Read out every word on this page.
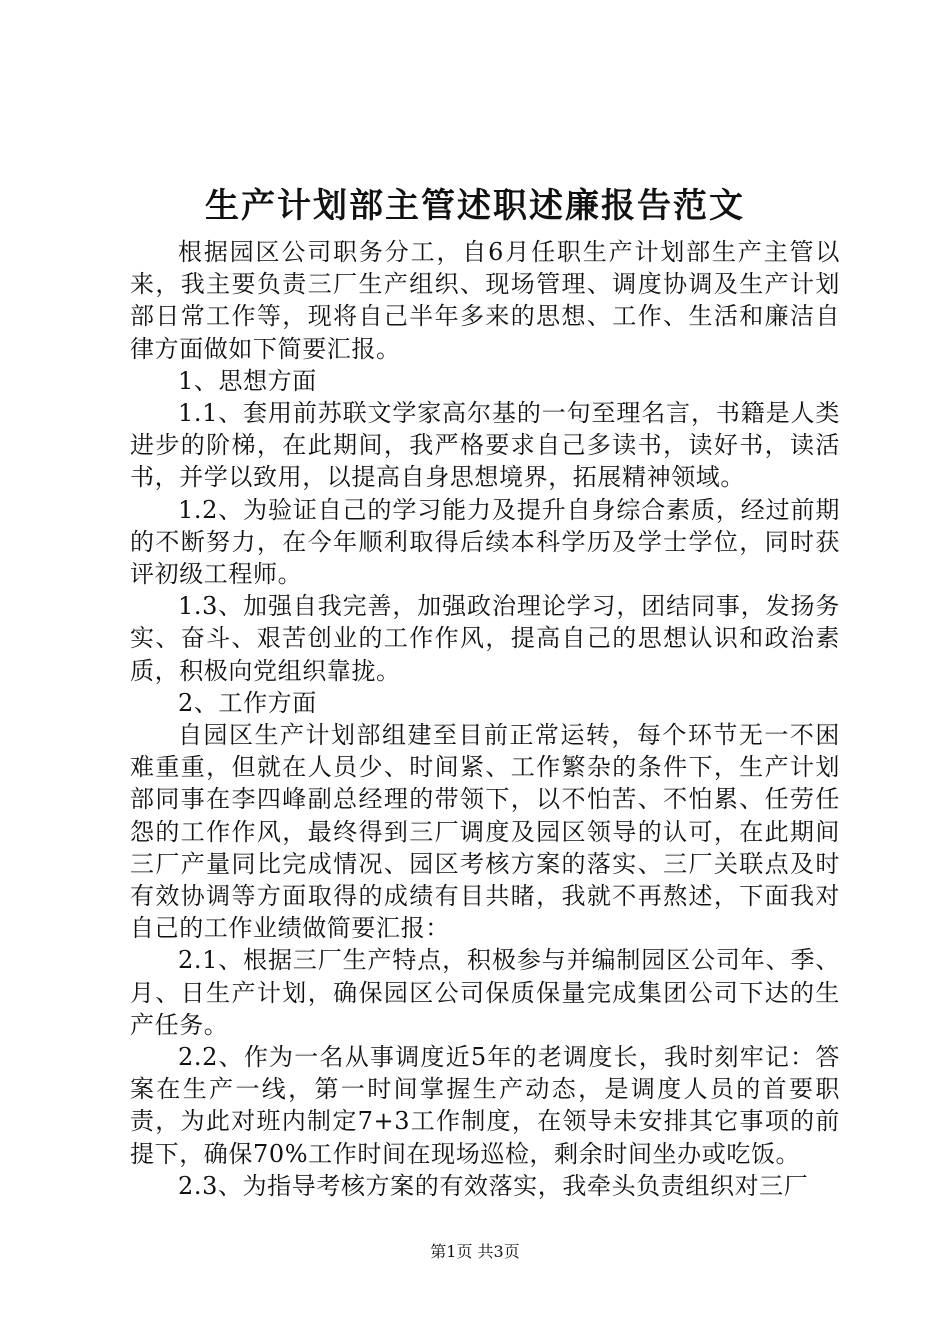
生产计划部主管述职述廉报告范文

根据园区公司职务分工，自6月任职生产计划部生产主管以来，我主要负责三厂生产组织、现场管理、调度协调及生产计划部日常工作等，现将自己半年多来的思想、工作、生活和廉洁自律方面做如下简要汇报。

1、思想方面

1.1、套用前苏联文学家高尔基的一句至理名言，书籍是人类进步的阶梯，在此期间，我严格要求自己多读书，读好书，读活书，并学以致用，以提高自身思想境界，拓展精神领域。

1.2、为验证自己的学习能力及提升自身综合素质，经过前期的不断努力，在今年顺利取得后续本科学历及学士学位，同时获评初级工程师。

1.3、加强自我完善，加强政治理论学习，团结同事，发扬务实、奋斗、艰苦创业的工作作风，提高自己的思想认识和政治素质，积极向党组织靠拢。

2、工作方面

自园区生产计划部组建至目前正常运转，每个环节无一不困难重重，但就在人员少、时间紧、工作繁杂的条件下，生产计划部同事在李四峰副总经理的带领下，以不怕苦、不怕累、任劳任怨的工作作风，最终得到三厂调度及园区领导的认可，在此期间三厂产量同比完成情况、园区考核方案的落实、三厂关联点及时有效协调等方面取得的成绩有目共睹，我就不再熬述，下面我对自己的工作业绩做简要汇报：

2.1、根据三厂生产特点，积极参与并编制园区公司年、季、月、日生产计划，确保园区公司保质保量完成集团公司下达的生产任务。

2.2、作为一名从事调度近5年的老调度长，我时刻牢记：答案在生产一线，第一时间掌握生产动态，是调度人员的首要职责，为此对班内制定7+3工作制度，在领导未安排其它事项的前提下，确保70%工作时间在现场巡检，剩余时间坐办或吃饭。

2.3、为指导考核方案的有效落实，我牵头负责组织对三厂

第1页 共3页
